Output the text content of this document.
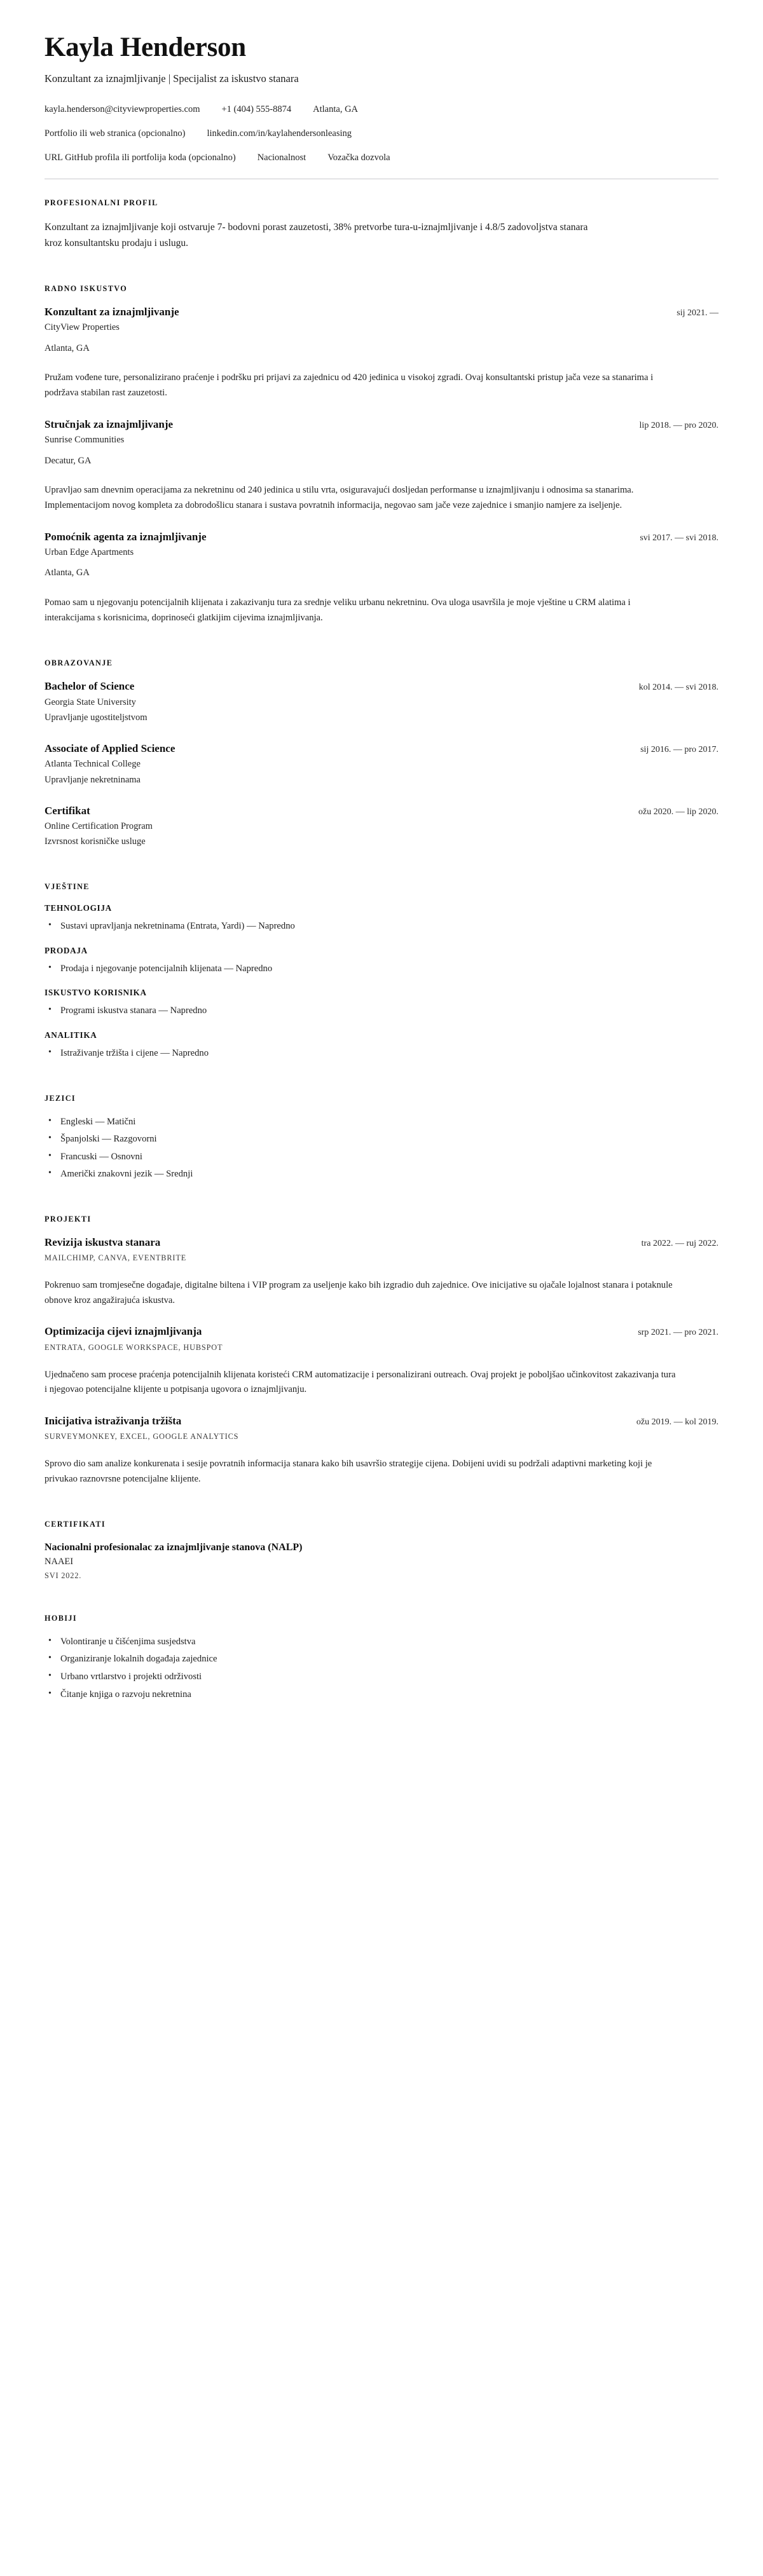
Kayla Henderson
Konzultant za iznajmljivanje | Specijalist za iskustvo stanara
kayla.henderson@cityviewproperties.com +1 (404) 555-8874 Atlanta, GA
Portfolio ili web stranica (opcionalno) linkedin.com/in/kaylahendersonleasing
URL GitHub profila ili portfolija koda (opcionalno) Nacionalnost Vozačka dozvola
PROFESIONALNI PROFIL

Konzultant za iznajmljivanje koji ostvaruje 7- bodovni porast zauzetosti, 38% pretvorbe tura-u-iznajmljivanje i 4.8/5 zadovoljstva stanara kroz konsultantsku prodaju i uslugu.

RADNO ISKUSTVO
Konzultant za iznajmljivanje	sij 2021. —
CityView Properties
Atlanta, GA

Pružam vođene ture, personalizirano praćenje i podršku pri prijavi za zajednicu od 420 jedinica u visokoj zgradi. Ovaj konsultantski pristup jača veze sa stanarima i podržava stabilan rast zauzetosti.

Stručnjak za iznajmljivanje	lip 2018. — pro 2020.
Sunrise Communities
Decatur, GA

Upravljao sam dnevnim operacijama za nekretninu od 240 jedinica u stilu vrta, osiguravajući dosljedan performanse u iznajmljivanju i odnosima sa stanarima. Implementacijom novog kompleta za dobrodošlicu stanara i sustava povratnih informacija, negovao sam jače veze zajednice i smanjio namjere za iseljenje.

Pomoćnik agenta za iznajmljivanje	svi 2017. — svi 2018.
Urban Edge Apartments
Atlanta, GA

Pomao sam u njegovanju potencijalnih klijenata i zakazivanju tura za srednje veliku urbanu nekretninu. Ova uloga usavršila je moje vještine u CRM alatima i interakcijama s korisnicima, doprinoseći glatkijim cijevima iznajmljivanja.

OBRAZOVANJE
Bachelor of Science	kol 2014. — svi 2018.
Georgia State University
Upravljanje ugostiteljstvom
Associate of Applied Science	sij 2016. — pro 2017.
Atlanta Technical College
Upravljanje nekretninama
Certifikat	ožu 2020. — lip 2020.
Online Certification Program
Izvrsnost korisničke usluge
VJEŠTINE
TEHNOLOGIJA
• Sustavi upravljanja nekretninama (Entrata, Yardi) — Napredno
PRODAJA
• Prodaja i njegovanje potencijalnih klijenata — Napredno
ISKUSTVO KORISNIKA
• Programi iskustva stanara — Napredno
ANALITIKA
• Istraživanje tržišta i cijene — Napredno
JEZICI
• Engleski — Matični
• Španjolski — Razgovorni
• Francuski — Osnovni
• Američki znakovni jezik — Srednji
PROJEKTI
Revizija iskustva stanara	tra 2022. — ruj 2022.
MAILCHIMP, CANVA, EVENTBRITE

Pokrenuo sam tromjesečne događaje, digitalne biltena i VIP program za useljenje kako bih izgradio duh zajednice. Ove inicijative su ojačale lojalnost stanara i potaknule obnove kroz angažirajuća iskustva.

Optimizacija cijevi iznajmljivanja	srp 2021. — pro 2021.
ENTRATA, GOOGLE WORKSPACE, HUBSPOT

Ujednačeno sam procese praćenja potencijalnih klijenata koristeći CRM automatizacije i personalizirani outreach. Ovaj projekt je poboljšao učinkovitost zakazivanja tura i njegovao potencijalne klijente u potpisanja ugovora o iznajmljivanju.

Inicijativa istraživanja tržišta	ožu 2019. — kol 2019.
SURVEYMONKEY, EXCEL, GOOGLE ANALYTICS

Sprovo dio sam analize konkurenata i sesije povratnih informacija stanara kako bih usavršio strategije cijena. Dobijeni uvidi su podržali adaptivni marketing koji je privukao raznovrsne potencijalne klijente.

CERTIFIKATI
Nacionalni profesionalac za iznajmljivanje stanova (NALP)
NAAEI
SVI 2022.
HOBIJI
• Volontiranje u čišćenjima susjedstva
• Organiziranje lokalnih događaja zajednice
• Urbano vrtlarstvo i projekti održivosti
• Čitanje knjiga o razvoju nekretnina
